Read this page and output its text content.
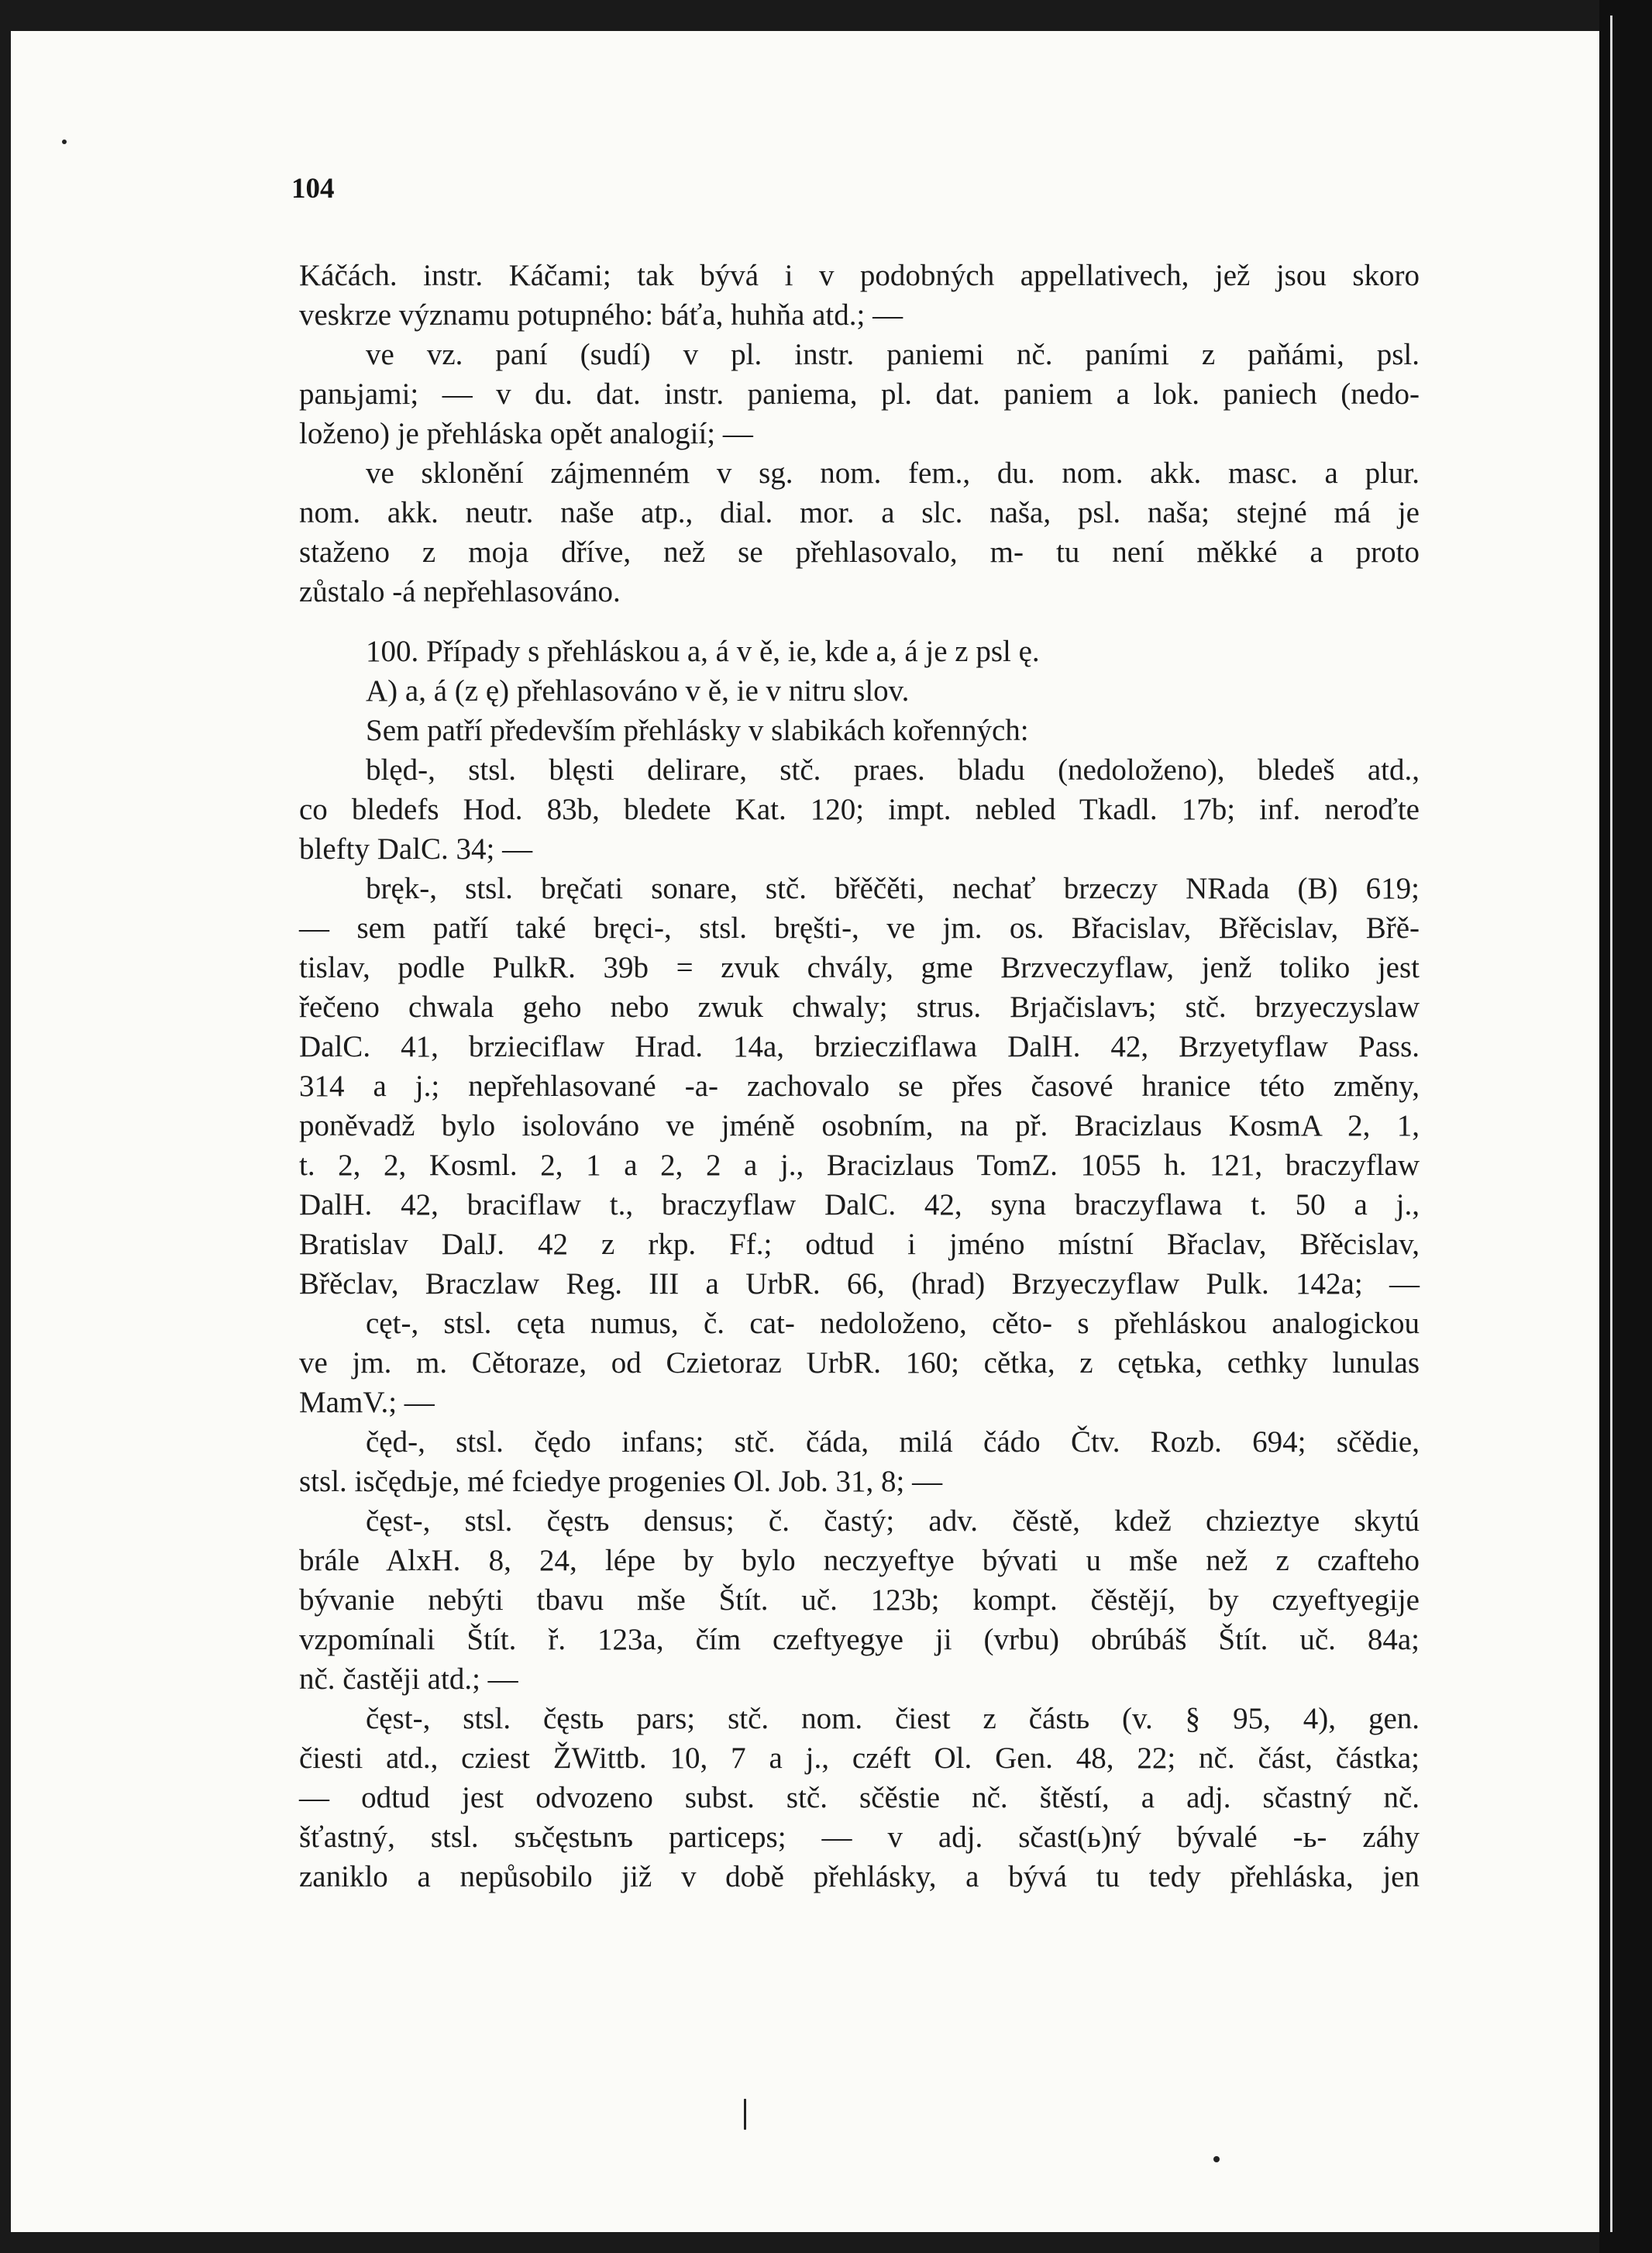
104
Káčách. instr. Káčami; tak bývá i v podobných appellativech, jež jsou skoro
veskrze významu potupného: báťa, huhňa atd.; —
ve vz. paní (sudí) v pl. instr. paniemi nč. paními z paňámi, psl.
panьjami; — v du. dat. instr. paniema, pl. dat. paniem a lok. paniech (nedo-
loženo) je přehláska opět analogií; —
ve sklonění zájmenném v sg. nom. fem., du. nom. akk. masc. a plur.
nom. akk. neutr. naše atp., dial. mor. a slc. naša, psl. naša; stejné má je
staženo z moja dříve, než se přehlasovalo, m- tu není měkké a proto
zůstalo -á nepřehlasováno.
100. Případy s přehláskou a, á v ě, ie, kde a, á je z psl ę.
A) a, á (z ę) přehlasováno v ě, ie v nitru slov.
Sem patří především přehlásky v slabikách kořenných:
blęd-, stsl. blęsti delirare, stč. praes. bladu (nedoloženo), bledeš atd.,
co bledefs Hod. 83b, bledete Kat. 120; impt. nebled Tkadl. 17b; inf. neroďte
blefty DalC. 34; —
bręk-, stsl. bręčati sonare, stč. břěčěti, nechať brzeczy NRada (B) 619;
— sem patří také bręci-, stsl. bręšti-, ve jm. os. Břacislav, Břěcislav, Břě-
tislav, podle PulkR. 39b = zvuk chvály, gme Brzveczyflaw, jenž toliko jest
řečeno chwala geho nebo zwuk chwaly; strus. Brjačislavъ; stč. brzyeczyslaw
DalC. 41, brzieciflaw Hrad. 14a, brziecziflawa DalH. 42, Brzyetyflaw Pass.
314 a j.; nepřehlasované -a- zachovalo se přes časové hranice této změny,
poněvadž bylo isolováno ve jméně osobním, na př. Bracizlaus KosmA 2, 1,
t. 2, 2, Kosml. 2, 1 a 2, 2 a j., Bracizlaus TomZ. 1055 h. 121, braczyflaw
DalH. 42, braciflaw t., braczyflaw DalC. 42, syna braczyflawa t. 50 a j.,
Bratislav DalJ. 42 z rkp. Ff.; odtud i jméno místní Břaclav, Břěcislav,
Břěclav, Braczlaw Reg. III a UrbR. 66, (hrad) Brzyeczyflaw Pulk. 142a; —
cęt-, stsl. cęta numus, č. cat- nedoloženo, cěto- s přehláskou analogickou
ve jm. m. Cětoraze, od Czietoraz UrbR. 160; cětka, z cętьka, cethky lunulas
MamV.; —
čęd-, stsl. čędo infans; stč. čáda, milá čádo Čtv. Rozb. 694; sčědie,
stsl. isčędьje, mé fciedye progenies Ol. Job. 31, 8; —
čęst-, stsl. čęstъ densus; č. častý; adv. čěstě, kdež chzieztye skytú
brále AlxH. 8, 24, lépe by bylo neczyeftye bývati u mše než z czafteho
bývanie nebýti tbavu mše Štít. uč. 123b; kompt. čěstějí, by czyeftyegije
vzpomínali Štít. ř. 123a, čím czeftyegye ji (vrbu) obrúbáš Štít. uč. 84a;
nč. častěji atd.; —
čęst-, stsl. čęstь pars; stč. nom. čiest z částь (v. § 95, 4), gen.
čiesti atd., cziest ŽWittb. 10, 7 a j., czéft Ol. Gen. 48, 22; nč. část, částka;
— odtud jest odvozeno subst. stč. sčěstie nč. štěstí, a adj. sčastný nč.
šťastný, stsl. sъčęstьnъ particeps; — v adj. sčast(ь)ný bývalé -ь- záhy
zaniklo a nepůsobilo již v době přehlásky, a bývá tu tedy přehláska, jen
